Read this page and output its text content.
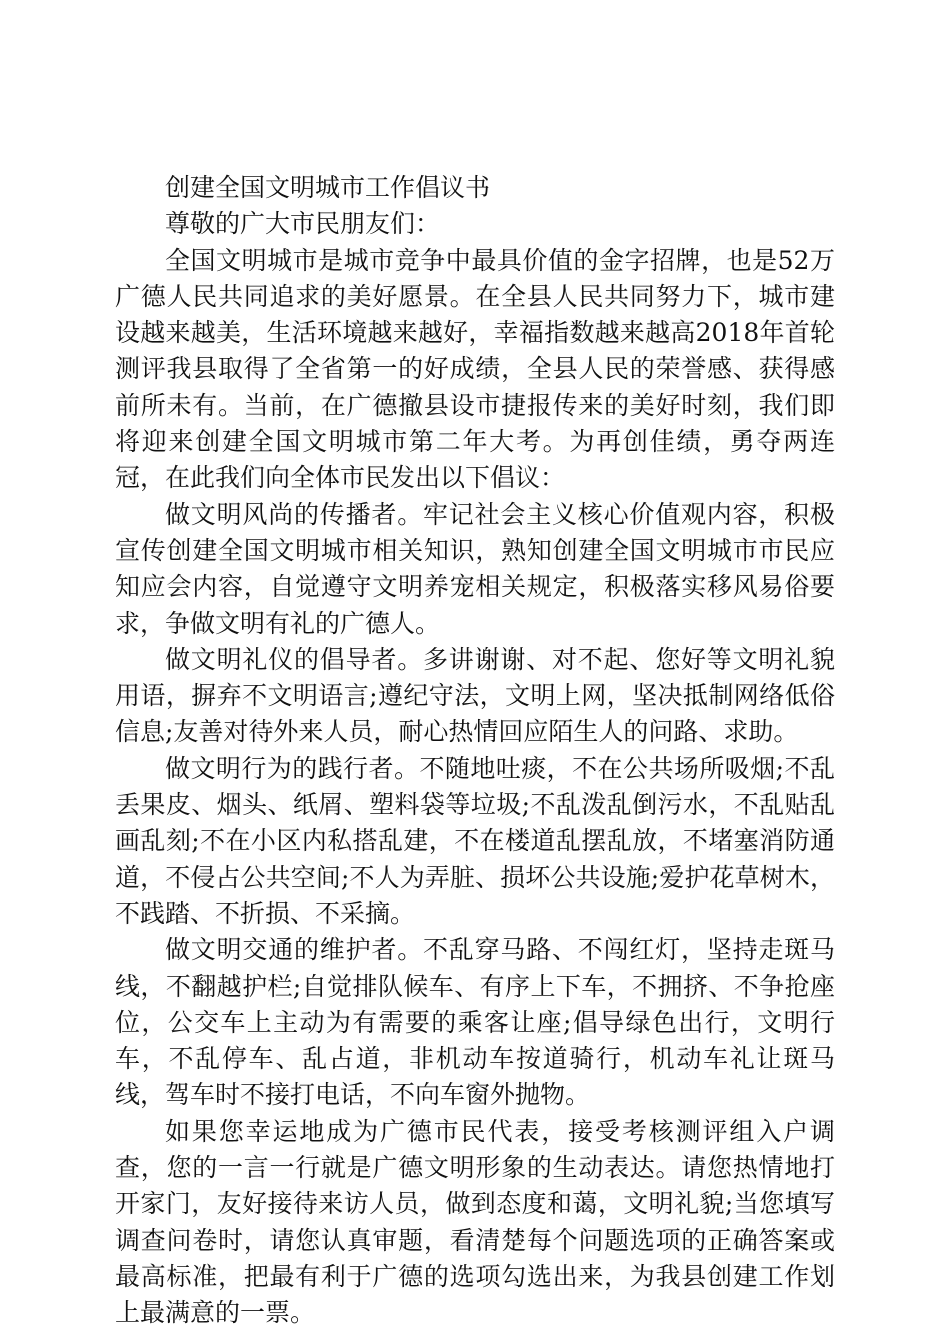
创建全国文明城市工作倡议书

尊敬的广大市民朋友们：

全国文明城市是城市竞争中最具价值的金字招牌，也是52万广德人民共同追求的美好愿景。在全县人民共同努力下，城市建设越来越美，生活环境越来越好，幸福指数越来越高2018年首轮测评我县取得了全省第一的好成绩，全县人民的荣誉感、获得感前所未有。当前，在广德撤县设市捷报传来的美好时刻，我们即将迎来创建全国文明城市第二年大考。为再创佳绩，勇夺两连冠，在此我们向全体市民发出以下倡议：

做文明风尚的传播者。牢记社会主义核心价值观内容，积极宣传创建全国文明城市相关知识，熟知创建全国文明城市市民应知应会内容，自觉遵守文明养宠相关规定，积极落实移风易俗要求，争做文明有礼的广德人。

做文明礼仪的倡导者。多讲谢谢、对不起、您好等文明礼貌用语，摒弃不文明语言;遵纪守法，文明上网，坚决抵制网络低俗信息;友善对待外来人员，耐心热情回应陌生人的问路、求助。

做文明行为的践行者。不随地吐痰，不在公共场所吸烟;不乱丢果皮、烟头、纸屑、塑料袋等垃圾;不乱泼乱倒污水，不乱贴乱画乱刻;不在小区内私搭乱建，不在楼道乱摆乱放，不堵塞消防通道，不侵占公共空间;不人为弄脏、损坏公共设施;爱护花草树木，不践踏、不折损、不采摘。

做文明交通的维护者。不乱穿马路、不闯红灯，坚持走斑马线，不翻越护栏;自觉排队候车、有序上下车，不拥挤、不争抢座位，公交车上主动为有需要的乘客让座;倡导绿色出行，文明行车，不乱停车、乱占道，非机动车按道骑行，机动车礼让斑马线，驾车时不接打电话，不向车窗外抛物。

如果您幸运地成为广德市民代表，接受考核测评组入户调查，您的一言一行就是广德文明形象的生动表达。请您热情地打开家门，友好接待来访人员，做到态度和蔼，文明礼貌;当您填写调查问卷时，请您认真审题，看清楚每个问题选项的正确答案或最高标准，把最有利于广德的选项勾选出来，为我县创建工作划上最满意的一票。
